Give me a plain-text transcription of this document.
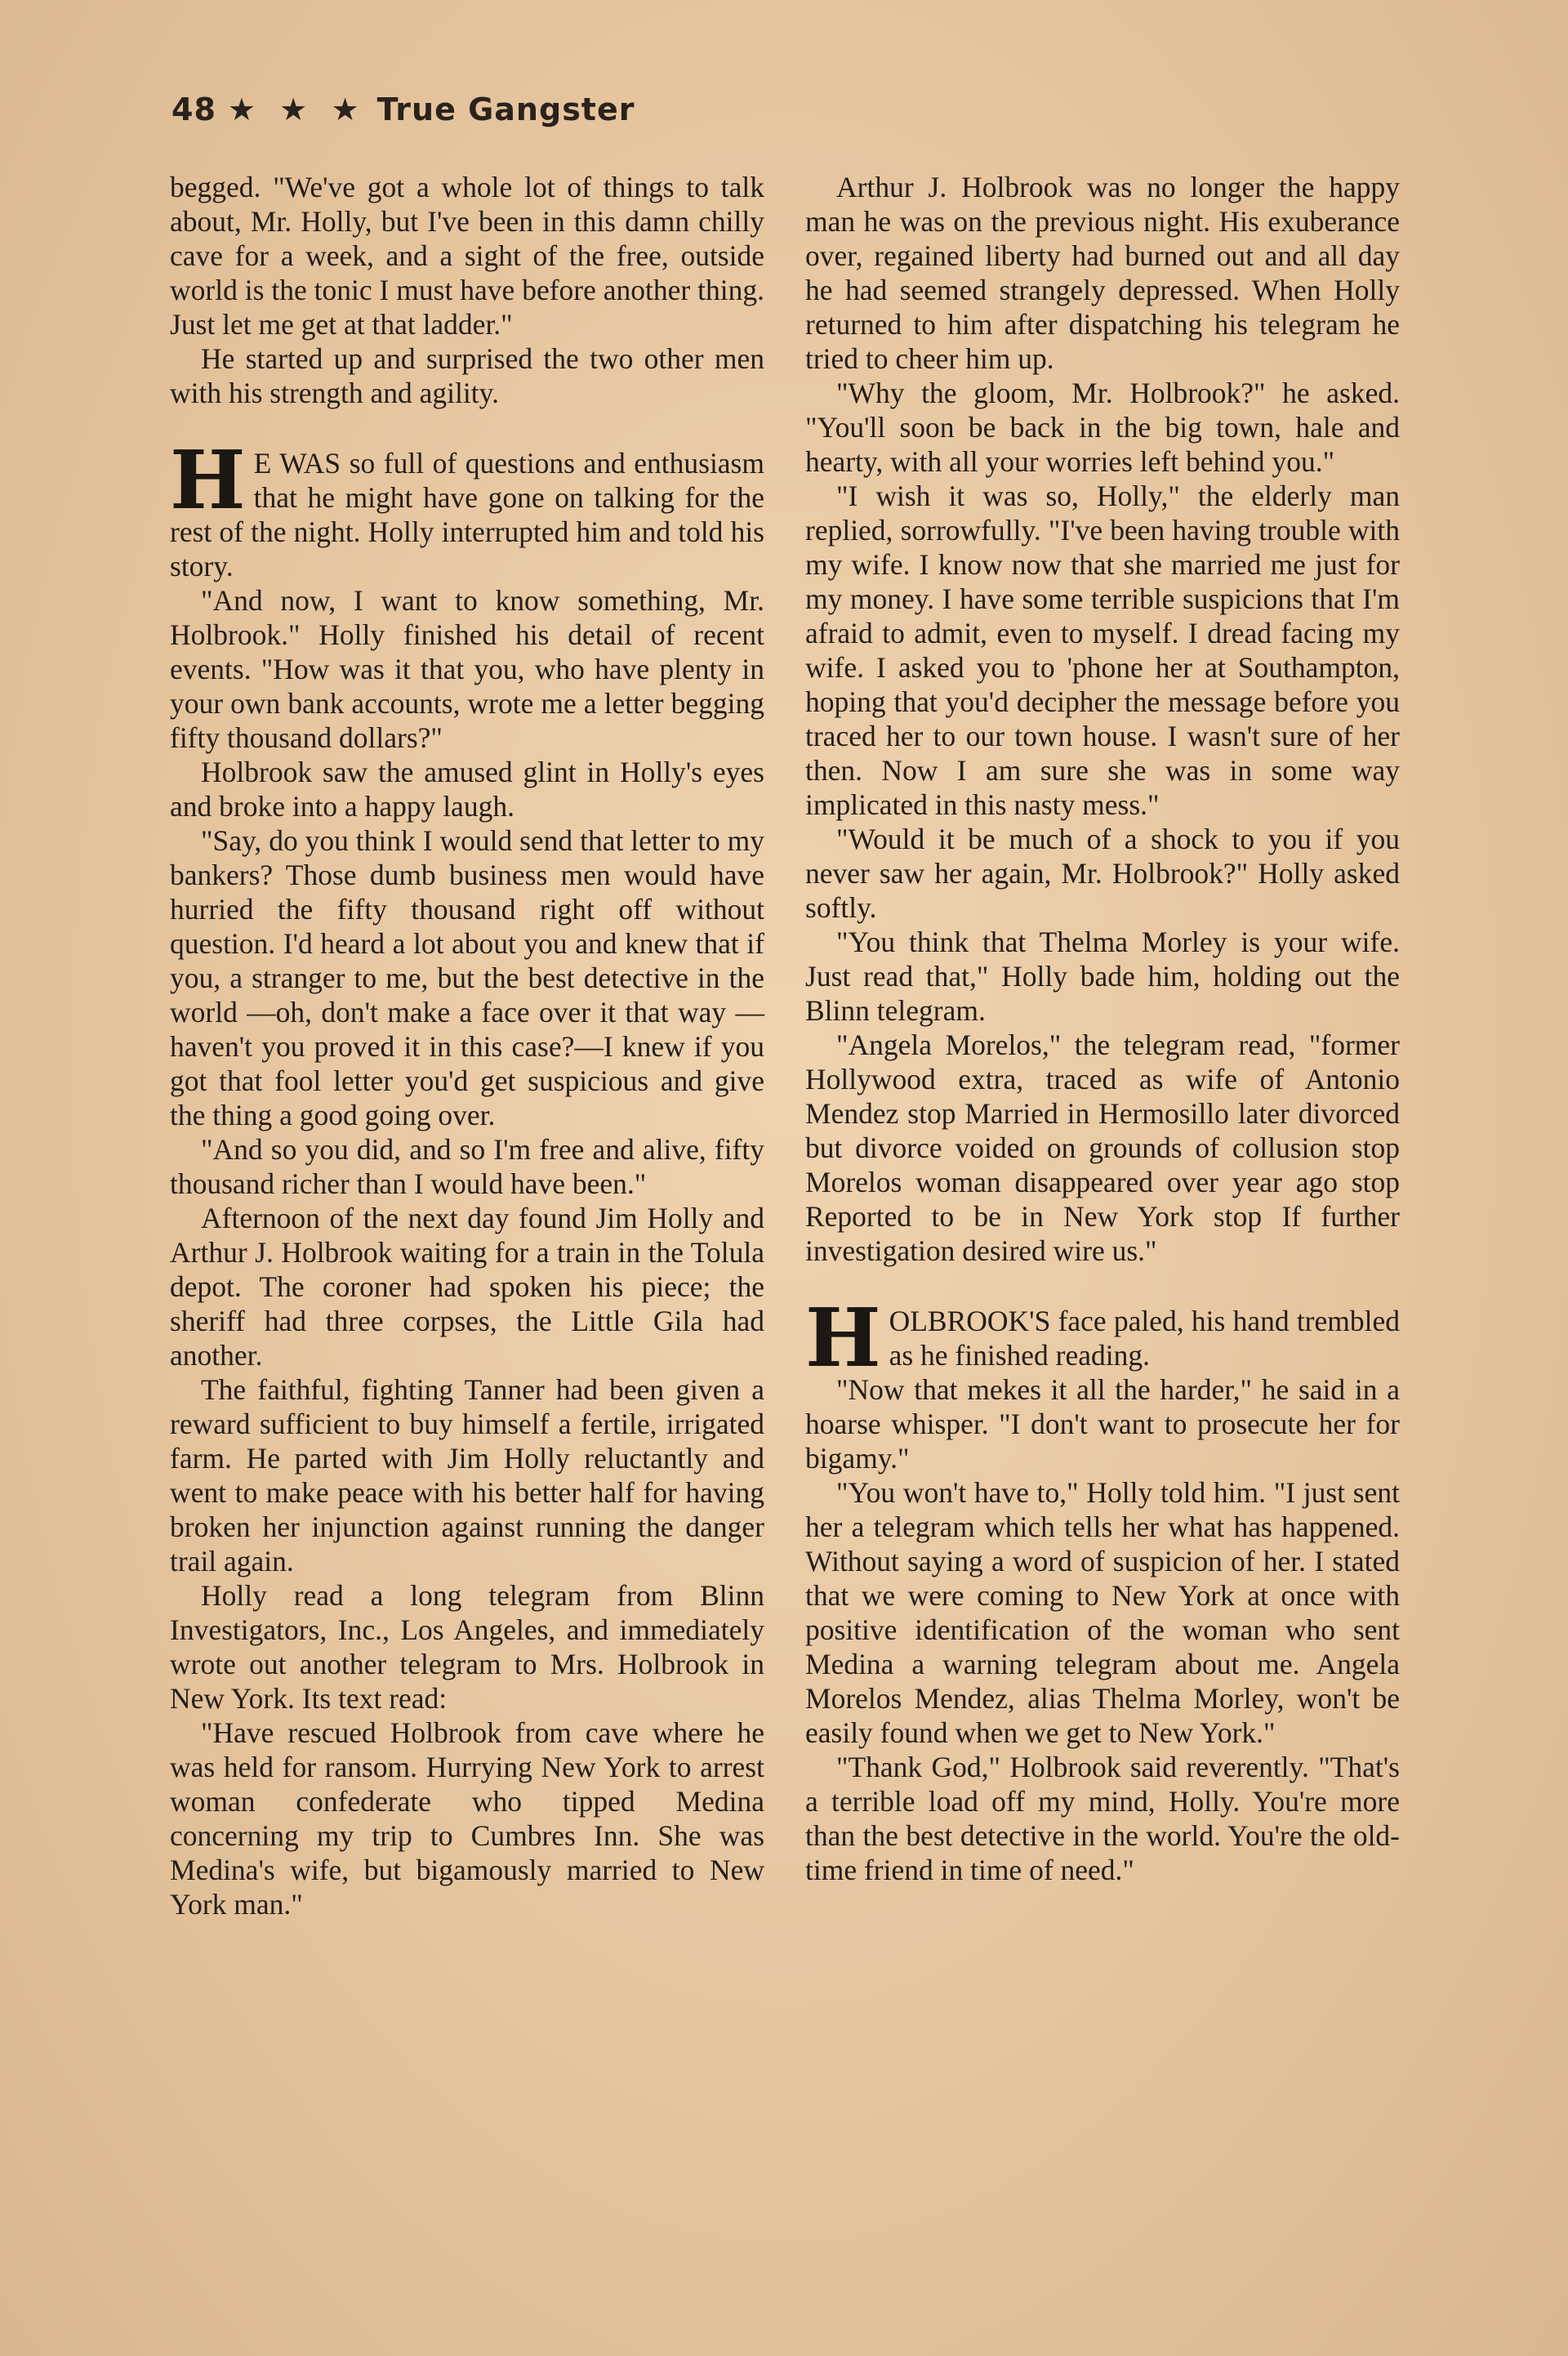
48 ★ ★ ★ True Gangster

begged. "We've got a whole lot of things to talk about, Mr. Holly, but I've been in this damn chilly cave for a week, and a sight of the free, outside world is the tonic I must have before another thing. Just let me get at that ladder."

He started up and surprised the two other men with his strength and agility.

H E WAS so full of questions and enthusiasm that he might have gone on talking for the rest of the night. Holly interrupted him and told his story.

"And now, I want to know something, Mr. Holbrook." Holly finished his detail of recent events. "How was it that you, who have plenty in your own bank accounts, wrote me a letter begging fifty thousand dollars?"

Holbrook saw the amused glint in Holly's eyes and broke into a happy laugh.

"Say, do you think I would send that letter to my bankers? Those dumb business men would have hurried the fifty thousand right off without question. I'd heard a lot about you and knew that if you, a stranger to me, but the best detective in the world —oh, don't make a face over it that way —haven't you proved it in this case?—I knew if you got that fool letter you'd get suspicious and give the thing a good going over.

"And so you did, and so I'm free and alive, fifty thousand richer than I would have been."

Afternoon of the next day found Jim Holly and Arthur J. Holbrook waiting for a train in the Tolula depot. The coroner had spoken his piece; the sheriff had three corpses, the Little Gila had another.

The faithful, fighting Tanner had been given a reward sufficient to buy himself a fertile, irrigated farm. He parted with Jim Holly reluctantly and went to make peace with his better half for having broken her injunction against running the danger trail again.

Holly read a long telegram from Blinn Investigators, Inc., Los Angeles, and immediately wrote out another telegram to Mrs. Holbrook in New York. Its text read:

"Have rescued Holbrook from cave where he was held for ransom. Hurrying New York to arrest woman confederate who tipped Medina concerning my trip to Cumbres Inn. She was Medina's wife, but bigamously married to New York man."

Arthur J. Holbrook was no longer the happy man he was on the previous night. His exuberance over, regained liberty had burned out and all day he had seemed strangely depressed. When Holly returned to him after dispatching his telegram he tried to cheer him up.

"Why the gloom, Mr. Holbrook?" he asked. "You'll soon be back in the big town, hale and hearty, with all your worries left behind you."

"I wish it was so, Holly," the elderly man replied, sorrowfully. "I've been having trouble with my wife. I know now that she married me just for my money. I have some terrible suspicions that I'm afraid to admit, even to myself. I dread facing my wife. I asked you to 'phone her at Southampton, hoping that you'd decipher the message before you traced her to our town house. I wasn't sure of her then. Now I am sure she was in some way implicated in this nasty mess."

"Would it be much of a shock to you if you never saw her again, Mr. Holbrook?" Holly asked softly.

"You think that Thelma Morley is your wife. Just read that," Holly bade him, holding out the Blinn telegram.

"Angela Morelos," the telegram read, "former Hollywood extra, traced as wife of Antonio Mendez stop Married in Hermosillo later divorced but divorce voided on grounds of collusion stop Morelos woman disappeared over year ago stop Reported to be in New York stop If further investigation desired wire us."

HOLBROOK'S face paled, his hand trembled as he finished reading.

"Now that mekes it all the harder," he said in a hoarse whisper. "I don't want to prosecute her for bigamy."

"You won't have to," Holly told him. "I just sent her a telegram which tells her what has happened. Without saying a word of suspicion of her. I stated that we were coming to New York at once with positive identification of the woman who sent Medina a warning telegram about me. Angela Morelos Mendez, alias Thelma Morley, won't be easily found when we get to New York."

"Thank God," Holbrook said reverently. "That's a terrible load off my mind, Holly. You're more than the best detective in the world. You're the old-time friend in time of need."
